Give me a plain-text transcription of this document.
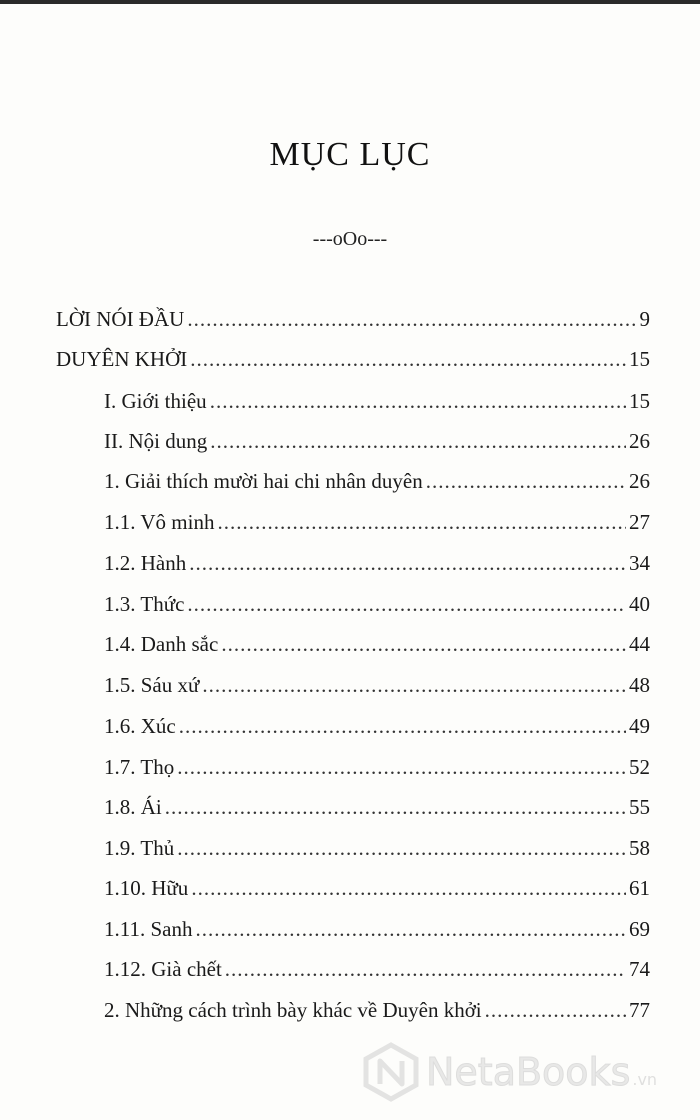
MỤC LỤC
---oOo---
LỜI NÓI ĐẦU .....	9
DUYÊN KHỞI .....	15
I. Giới thiệu .....	15
II. Nội dung .....	26
1. Giải thích mười hai chi nhân duyên .....	26
1.1. Vô minh .....	27
1.2. Hành .....	34
1.3. Thức .....	40
1.4. Danh sắc .....	44
1.5. Sáu xứ .....	48
1.6. Xúc .....	49
1.7. Thọ .....	52
1.8. Ái .....	55
1.9. Thủ .....	58
1.10. Hữu .....	61
1.11. Sanh .....	69
1.12. Già chết .....	74
2. Những cách trình bày khác về Duyên khởi .....	77
NetaBooks .vn
